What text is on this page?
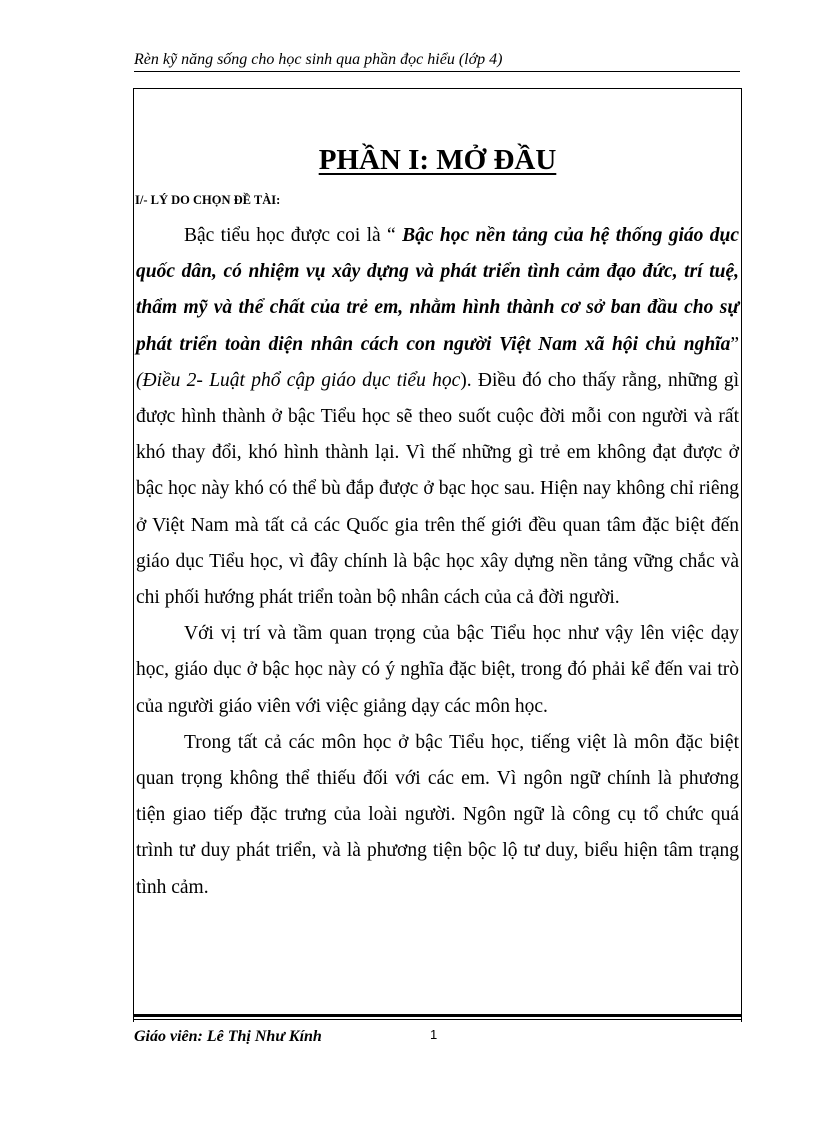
Rèn kỹ năng sống cho học sinh qua phần đọc hiểu (lớp 4)
PHẦN I: MỞ ĐẦU
I/- LÝ DO CHỌN ĐỀ TÀI:

Bậc tiểu học được coi là “ Bậc học nền tảng của hệ thống giáo dục quốc dân, có nhiệm vụ xây dựng và phát triển tình cảm đạo đức, trí tuệ, thẩm mỹ và thể chất của trẻ em, nhằm hình thành cơ sở ban đầu cho sự phát triển toàn diện nhân cách con người Việt Nam xã hội chủ nghĩa” (Điều 2- Luật phổ cập giáo dục tiểu học). Điều đó cho thấy rằng, những gì được hình thành ở bậc Tiểu học sẽ theo suốt cuộc đời mỗi con người và rất khó thay đổi, khó hình thành lại. Vì thế những gì trẻ em không đạt được ở bậc học này khó có thể bù đắp được ở bạc học sau. Hiện nay không chỉ riêng ở Việt Nam mà tất cả các Quốc gia trên thế giới đều quan tâm đặc biệt đến giáo dục Tiểu học, vì đây chính là bậc học xây dựng nền tảng vững chắc và chi phối hướng phát triển toàn bộ nhân cách của cả đời người.

Với vị trí và tầm quan trọng của bậc Tiểu học như vậy lên việc dạy học, giáo dục ở bậc học này có ý nghĩa đặc biệt, trong đó phải kể đến vai trò của người giáo viên với việc giảng dạy các môn học.

Trong tất cả các môn học ở bậc Tiểu học, tiếng việt là môn đặc biệt quan trọng không thể thiếu đối với các em. Vì ngôn ngữ chính là phương tiện giao tiếp đặc trưng của loài người. Ngôn ngữ là công cụ tổ chức quá trình tư duy phát triển, và là phương tiện bộc lộ tư duy, biểu hiện tâm trạng tình cảm.

Giáo viên: Lê Thị Như Kính	1
